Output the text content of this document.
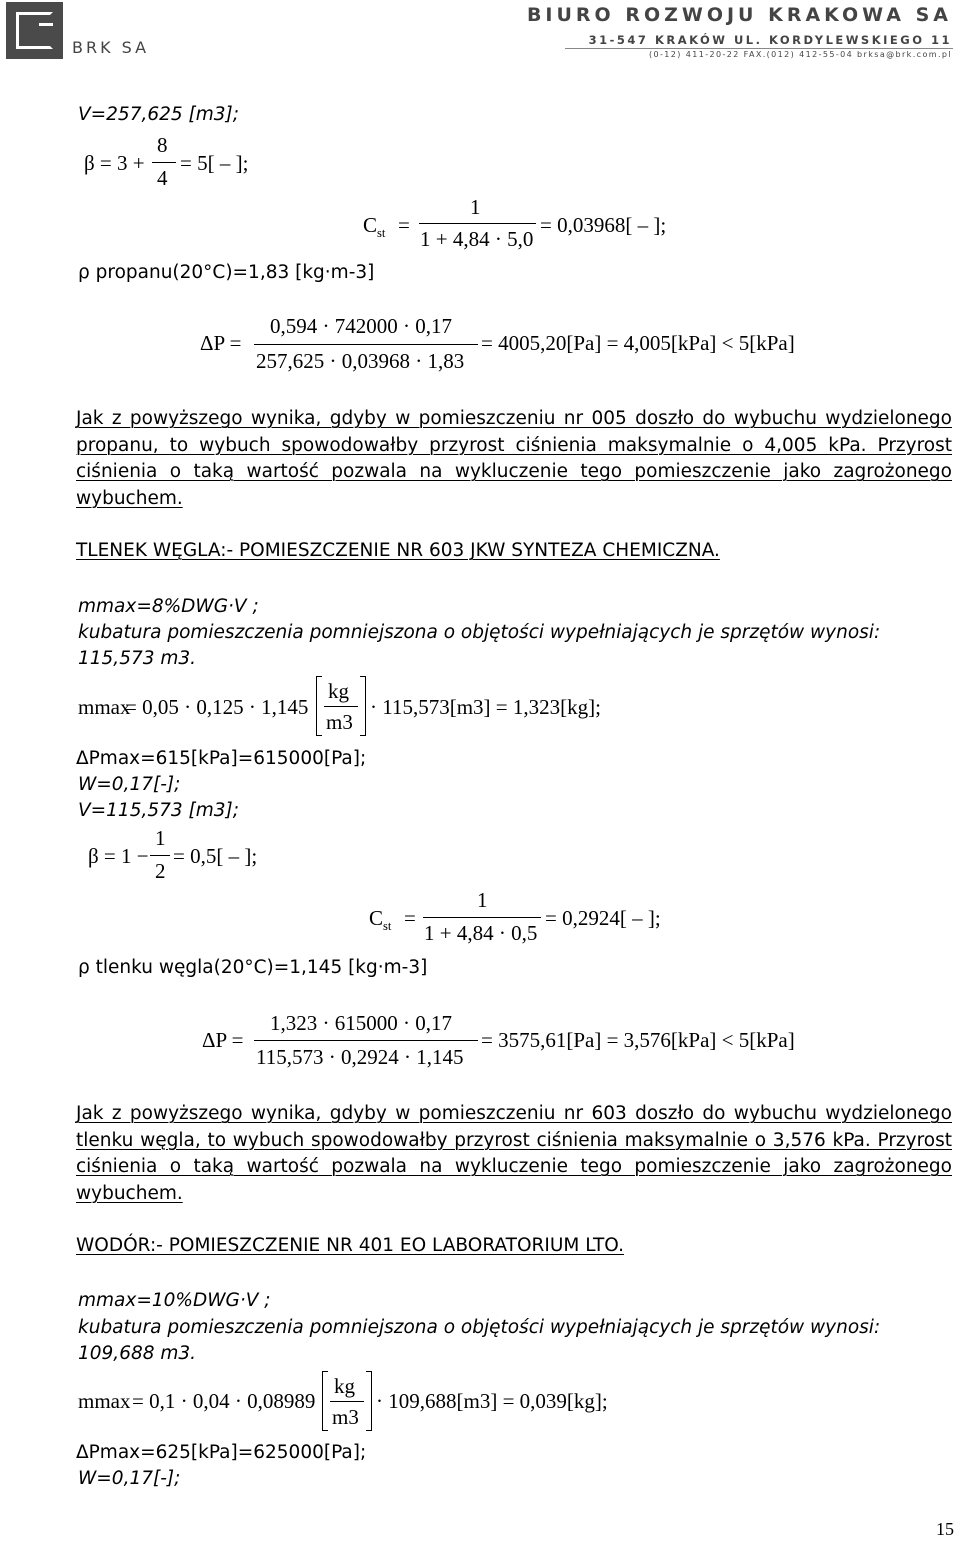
BRK SA
BIURO ROZWOJU KRAKOWA SA
31-547 KRAKÓW UL. KORDYLEWSKIEGO 11
(0-12) 411-20-22 FAX.(012) 412-55-04 brksa@brk.com.pl
V=257,625 [m3];
β = 3 +
8
4
= 5[ – ];
$C_{st}$ =
1
1 + 4,84 · 5,0
= 0,03968[ – ];
ρ propanu(20°C)=1,83 [kg·m-3]
ΔP =
0,594 · 742000 · 0,17
257,625 · 0,03968 · 1,83
= 4005,20[Pa] = 4,005[kPa] < 5[kPa]
Jak z powyższego wynika, gdyby w pomieszczeniu nr 005 doszło do wybuchu wydzielonego propanu, to wybuch spowodowałby przyrost ciśnienia maksymalnie o 4,005 kPa. Przyrost ciśnienia o taką wartość pozwala na wykluczenie tego pomieszczenie jako zagrożonego wybuchem.
TLENEK WĘGLA:- POMIESZCZENIE NR 603 JKW SYNTEZA CHEMICZNA.
mmax=8%DWG·V ;
kubatura pomieszczenia pomniejszona o objętości wypełniających je sprzętów wynosi:
115,573 m3.
mmax
= 0,05 · 0,125 · 1,145
kg
m3
· 115,573[m3] = 1,323[kg];
ΔPmax=615[kPa]=615000[Pa];
W=0,17[-];
V=115,573 [m3];
β = 1 −
1
2
= 0,5[ – ];
$C_{st}$ =
1
1 + 4,84 · 0,5
= 0,2924[ – ];
ρ tlenku węgla(20°C)=1,145 [kg·m-3]
ΔP =
1,323 · 615000 · 0,17
115,573 · 0,2924 · 1,145
= 3575,61[Pa] = 3,576[kPa] < 5[kPa]
Jak z powyższego wynika, gdyby w pomieszczeniu nr 603 doszło do wybuchu wydzielonego tlenku węgla, to wybuch spowodowałby przyrost ciśnienia maksymalnie o 3,576 kPa. Przyrost ciśnienia o taką wartość pozwala na wykluczenie tego pomieszczenie jako zagrożonego wybuchem.
WODÓR:- POMIESZCZENIE NR 401 EO LABORATORIUM LTO.
mmax=10%DWG·V ;
kubatura pomieszczenia pomniejszona o objętości wypełniających je sprzętów wynosi:
109,688 m3.
mmax = 0,1 · 0,04 · 0,08989
kg
m3
· 109,688[m3] = 0,039[kg];
ΔPmax=625[kPa]=625000[Pa];
W=0,17[-];
15
